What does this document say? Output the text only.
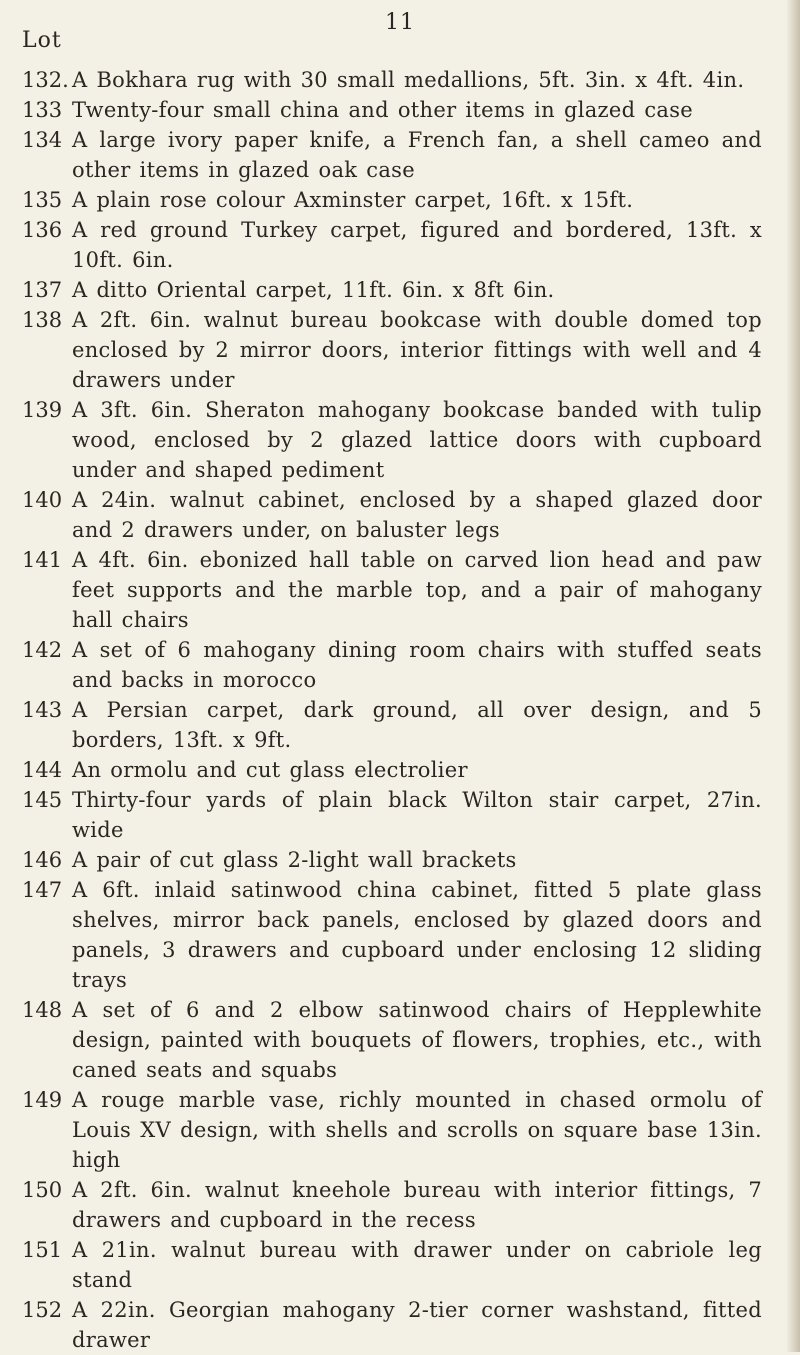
11
Lot
132. A Bokhara rug with 30 small medallions, 5ft. 3in. x 4ft. 4in.
133 Twenty-four small china and other items in glazed case
134 A large ivory paper knife, a French fan, a shell cameo and other items in glazed oak case
135 A plain rose colour Axminster carpet, 16ft. x 15ft.
136 A red ground Turkey carpet, figured and bordered, 13ft. x 10ft. 6in.
137 A ditto Oriental carpet, 11ft. 6in. x 8ft 6in.
138 A 2ft. 6in. walnut bureau bookcase with double domed top enclosed by 2 mirror doors, interior fittings with well and 4 drawers under
139 A 3ft. 6in. Sheraton mahogany bookcase banded with tulip wood, enclosed by 2 glazed lattice doors with cupboard under and shaped pediment
140 A 24in. walnut cabinet, enclosed by a shaped glazed door and 2 drawers under, on baluster legs
141 A 4ft. 6in. ebonized hall table on carved lion head and paw feet supports and the marble top, and a pair of mahogany hall chairs
142 A set of 6 mahogany dining room chairs with stuffed seats and backs in morocco
143 A Persian carpet, dark ground, all over design, and 5 borders, 13ft. x 9ft.
144 An ormolu and cut glass electrolier
145 Thirty-four yards of plain black Wilton stair carpet, 27in. wide
146 A pair of cut glass 2-light wall brackets
147 A 6ft. inlaid satinwood china cabinet, fitted 5 plate glass shelves, mirror back panels, enclosed by glazed doors and panels, 3 drawers and cupboard under enclosing 12 sliding trays
148 A set of 6 and 2 elbow satinwood chairs of Hepplewhite design, painted with bouquets of flowers, trophies, etc., with caned seats and squabs
149 A rouge marble vase, richly mounted in chased ormolu of Louis XV design, with shells and scrolls on square base 13in. high
150 A 2ft. 6in. walnut kneehole bureau with interior fittings, 7 drawers and cupboard in the recess
151 A 21in. walnut bureau with drawer under on cabriole leg stand
152 A 22in. Georgian mahogany 2-tier corner washstand, fitted drawer
